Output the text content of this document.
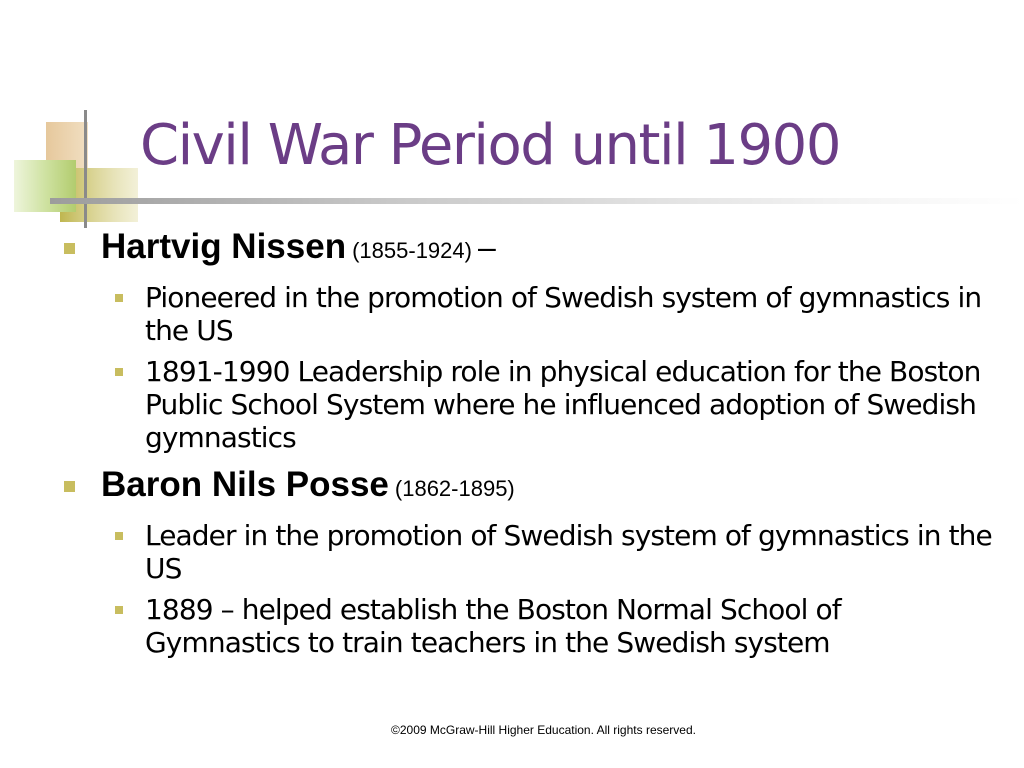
Civil War Period until 1900
Hartvig Nissen (1855-1924) –
Pioneered in the promotion of Swedish system of gymnastics in the US
1891-1990 Leadership role in physical education for the Boston Public School System where he influenced adoption of Swedish gymnastics
Baron Nils Posse (1862-1895)
Leader in the promotion of Swedish system of gymnastics in the US
1889 – helped establish the Boston Normal School of Gymnastics to train teachers in the Swedish system
©2009 McGraw-Hill Higher Education. All rights reserved.
